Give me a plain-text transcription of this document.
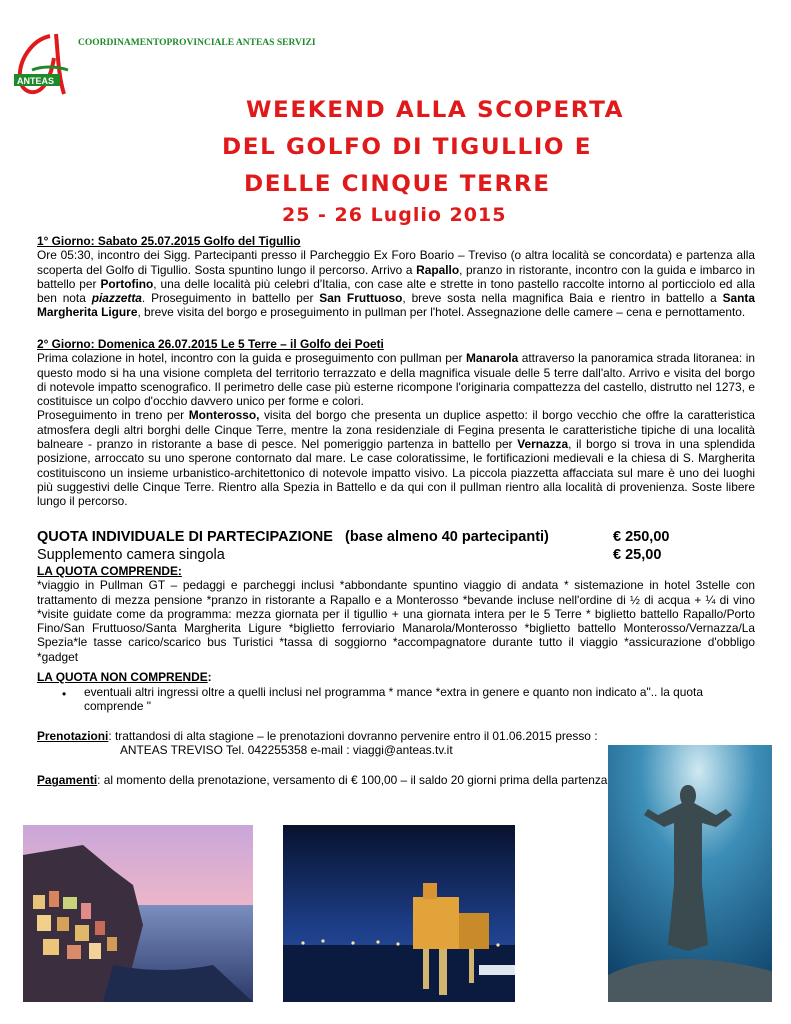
ANTEAS
COORDINAMENTOPROVINCIALE ANTEAS SERVIZI
WEEKEND ALLA SCOPERTA
DEL GOLFO DI TIGULLIO E
DELLE CINQUE TERRE
25 - 26 Luglio 2015
1° Giorno: Sabato 25.07.2015 Golfo del Tigullio
Ore 05:30, incontro dei Sigg. Partecipanti presso il Parcheggio Ex Foro Boario – Treviso (o altra località se concordata) e partenza alla scoperta del Golfo di Tigullio. Sosta spuntino lungo il percorso. Arrivo a Rapallo, pranzo in ristorante, incontro con la guida e imbarco in battello per Portofino, una delle località più celebri d'Italia, con case alte e strette in tono pastello raccolte intorno al porticciolo ed alla ben nota piazzetta. Proseguimento in battello per San Fruttuoso, breve sosta nella magnifica Baia e rientro in battello a Santa Margherita Ligure, breve visita del borgo e proseguimento in pullman per l'hotel. Assegnazione delle camere – cena e pernottamento.
2° Giorno: Domenica 26.07.2015 Le 5 Terre – il Golfo dei Poeti
Prima colazione in hotel, incontro con la guida e proseguimento con pullman per Manarola attraverso la panoramica strada litoranea: in questo modo si ha una visione completa del territorio terrazzato e della magnifica visuale delle 5 terre dall'alto. Arrivo e visita del borgo di notevole impatto scenografico. Il perimetro delle case più esterne ricompone l'originaria compattezza del castello, distrutto nel 1273, e costituisce un colpo d'occhio davvero unico per forme e colori.
Proseguimento in treno per Monterosso, visita del borgo che presenta un duplice aspetto: il borgo vecchio che offre la caratteristica atmosfera degli altri borghi delle Cinque Terre, mentre la zona residenziale di Fegina presenta le caratteristiche tipiche di una località balneare - pranzo in ristorante a base di pesce. Nel pomeriggio partenza in battello per Vernazza, il borgo si trova in una splendida posizione, arroccato su uno sperone contornato dal mare. Le case coloratissime, le fortificazioni medievali e la chiesa di S. Margherita costituiscono un insieme urbanistico-architettonico di notevole impatto visivo. La piccola piazzetta affacciata sul mare è uno dei luoghi più suggestivi delle Cinque Terre. Rientro alla Spezia in Battello e da qui con il pullman rientro alla località di provenienza. Soste libere lungo il percorso.
QUOTA INDIVIDUALE DI PARTECIPAZIONE (base almeno 40 partecipanti)	€ 250,00
Supplemento camera singola	€ 25,00
LA QUOTA COMPRENDE:
*viaggio in Pullman GT – pedaggi e parcheggi inclusi *abbondante spuntino viaggio di andata * sistemazione in hotel 3stelle con trattamento di mezza pensione *pranzo in ristorante a Rapallo e a Monterosso *bevande incluse nell'ordine di ½ di acqua + ¼ di vino *visite guidate come da programma: mezza giornata per il tigullio + una giornata intera per le 5 Terre * biglietto battello Rapallo/Porto Fino/San Fruttuoso/Santa Margherita Ligure *biglietto ferroviario Manarola/Monterosso *biglietto battello Monterosso/Vernazza/La Spezia*le tasse carico/scarico bus Turistici *tassa di soggiorno *accompagnatore durante tutto il viaggio *assicurazione d'obbligo *gadget
LA QUOTA NON COMPRENDE:
• eventuali altri ingressi oltre a quelli inclusi nel programma * mance *extra in genere e quanto non indicato a".. la quota comprende "
Prenotazioni: trattandosi di alta stagione – le prenotazioni dovranno pervenire entro il 01.06.2015 presso :
ANTEAS TREVISO Tel. 042255358 e-mail : viaggi@anteas.tv.it
Pagamenti: al momento della prenotazione, versamento di € 100,00 – il saldo 20 giorni prima della partenza
